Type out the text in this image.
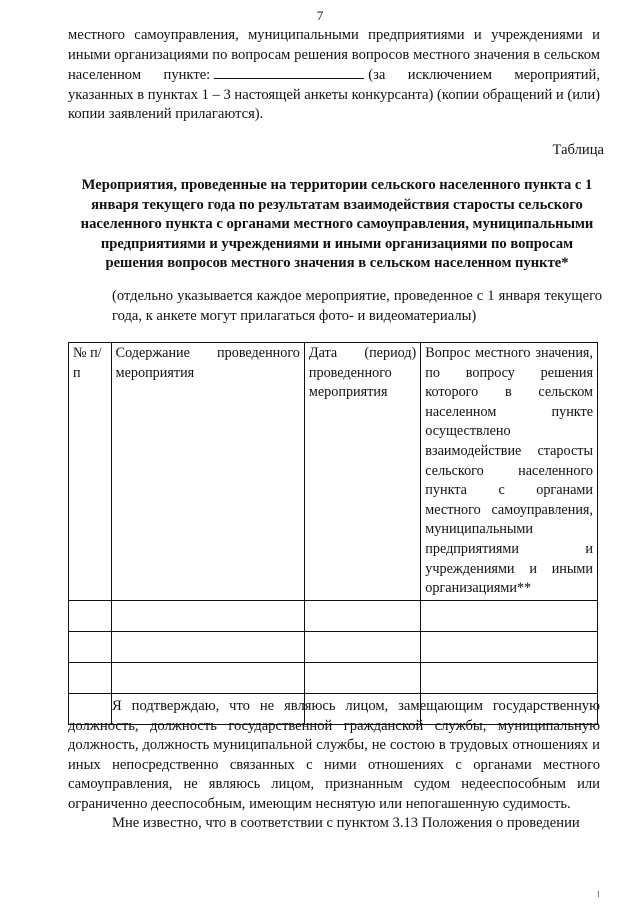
7

местного самоуправления, муниципальными предприятиями и учреждениями и иными организациями по вопросам решения вопросов местного значения в сельском населенном пункте:	(за исключением мероприятий, указанных в пунктах 1 – 3 настоящей анкеты конкурсанта) (копии обращений и (или) копии заявлений прилагаются).

Таблица

Мероприятия, проведенные на территории сельского населенного пункта с 1 января текущего года по результатам взаимодействия старосты сельского населенного пункта с органами местного самоуправления, муниципальными предприятиями и учреждениями и иными организациями по вопросам решения вопросов местного значения в сельском населенном пункте*

(отдельно указывается каждое мероприятие, проведенное с 1 января текущего года, к анкете могут прилагаться фото- и видеоматериалы)

№ п/п	Содержание проведенного мероприятия	Дата (период) проведенного мероприятия	Вопрос местного значения, по вопросу решения которого в сельском населенном пункте осуществлено взаимодействие старосты сельского населенного пункта с органами местного самоуправления, муниципальными предприятиями и учреждениями и иными организациями**

Я подтверждаю, что не являюсь лицом, замещающим государственную должность, должность государственной гражданской службы, муниципальную должность, должность муниципальной службы, не состою в трудовых отношениях и иных непосредственно связанных с ними отношениях с органами местного самоуправления, не являюсь лицом, признанным судом недееспособным или ограниченно дееспособным, имеющим неснятую или непогашенную судимость.

Мне известно, что в соответствии с пунктом 3.13 Положения о проведении
